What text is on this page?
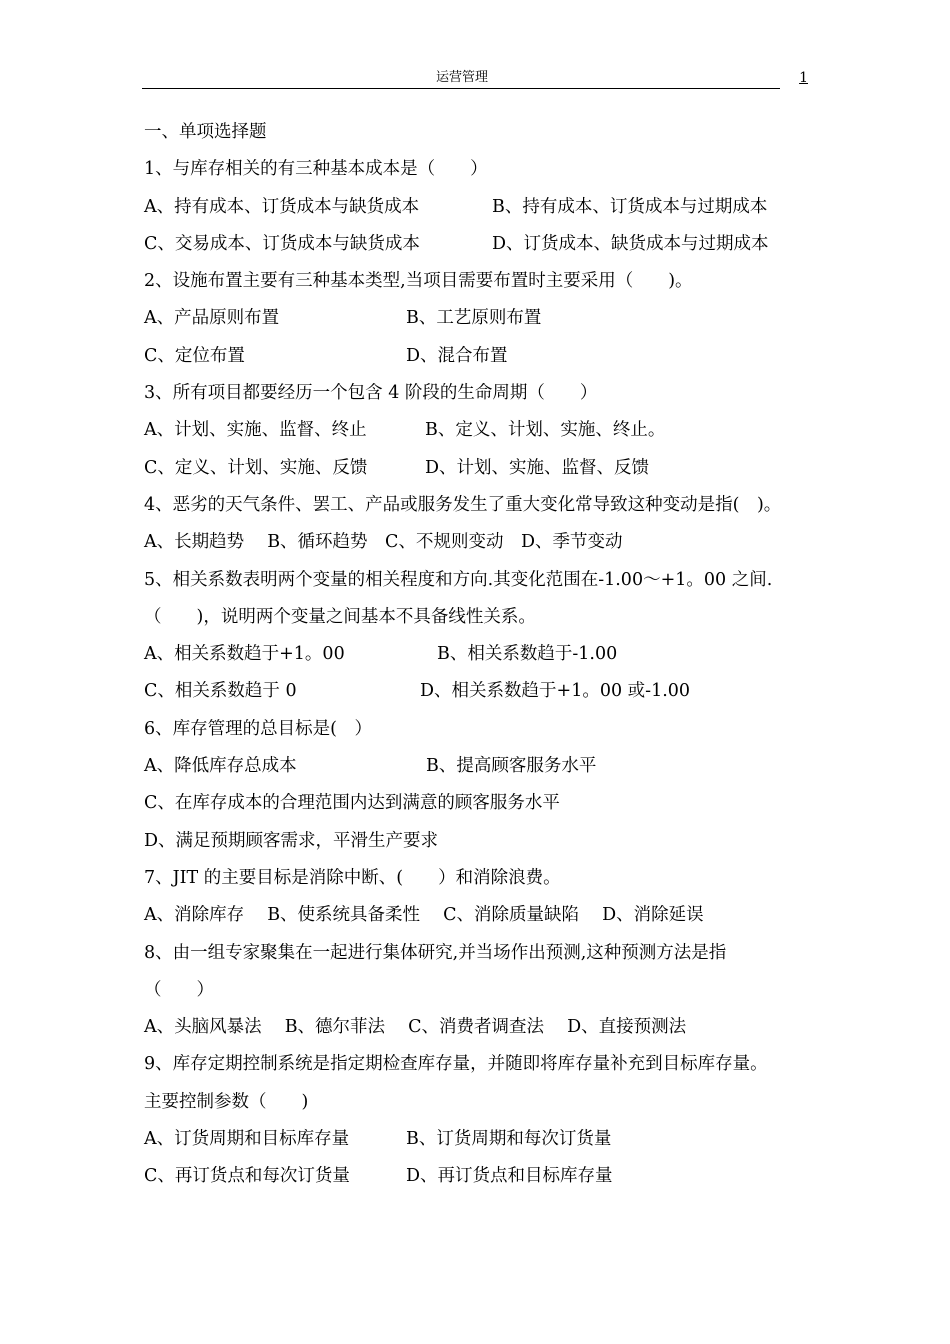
运营管理	1
一、单项选择题
1、与库存相关的有三种基本成本是（　　）
A、持有成本、订货成本与缺货成本	B、持有成本、订货成本与过期成本
C、交易成本、订货成本与缺货成本	D、订货成本、缺货成本与过期成本
2、设施布置主要有三种基本类型,当项目需要布置时主要采用（　　)。
A、产品原则布置	B、工艺原则布置
C、定位布置	D、混合布置
3、所有项目都要经历一个包含 4 阶段的生命周期（　　）
A、计划、实施、监督、终止	B、定义、计划、实施、终止。
C、定义、计划、实施、反馈	D、计划、实施、监督、反馈
4、恶劣的天气条件、罢工、产品或服务发生了重大变化常导致这种变动是指(　)。
A、长期趋势　 B、循环趋势　C、不规则变动　D、季节变动
5、相关系数表明两个变量的相关程度和方向.其变化范围在-1.00～+1。00 之间.
（　　)，说明两个变量之间基本不具备线性关系。
A、相关系数趋于+1。00	B、相关系数趋于-1.00
C、相关系数趋于 0	D、相关系数趋于+1。00 或-1.00
6、库存管理的总目标是(　）
A、降低库存总成本	B、提高顾客服务水平
C、在库存成本的合理范围内达到满意的顾客服务水平
D、满足预期顾客需求，平滑生产要求
7、JIT 的主要目标是消除中断、(　　）和消除浪费。
A、消除库存　 B、使系统具备柔性　 C、消除质量缺陷　 D、消除延误
8、由一组专家聚集在一起进行集体研究,并当场作出预测,这种预测方法是指
（　　）
A、头脑风暴法　 B、德尔菲法　 C、消费者调查法　 D、直接预测法
9、库存定期控制系统是指定期检查库存量，并随即将库存量补充到目标库存量。
主要控制参数（　　)
A、订货周期和目标库存量	B、订货周期和每次订货量
C、再订货点和每次订货量	D、再订货点和目标库存量
